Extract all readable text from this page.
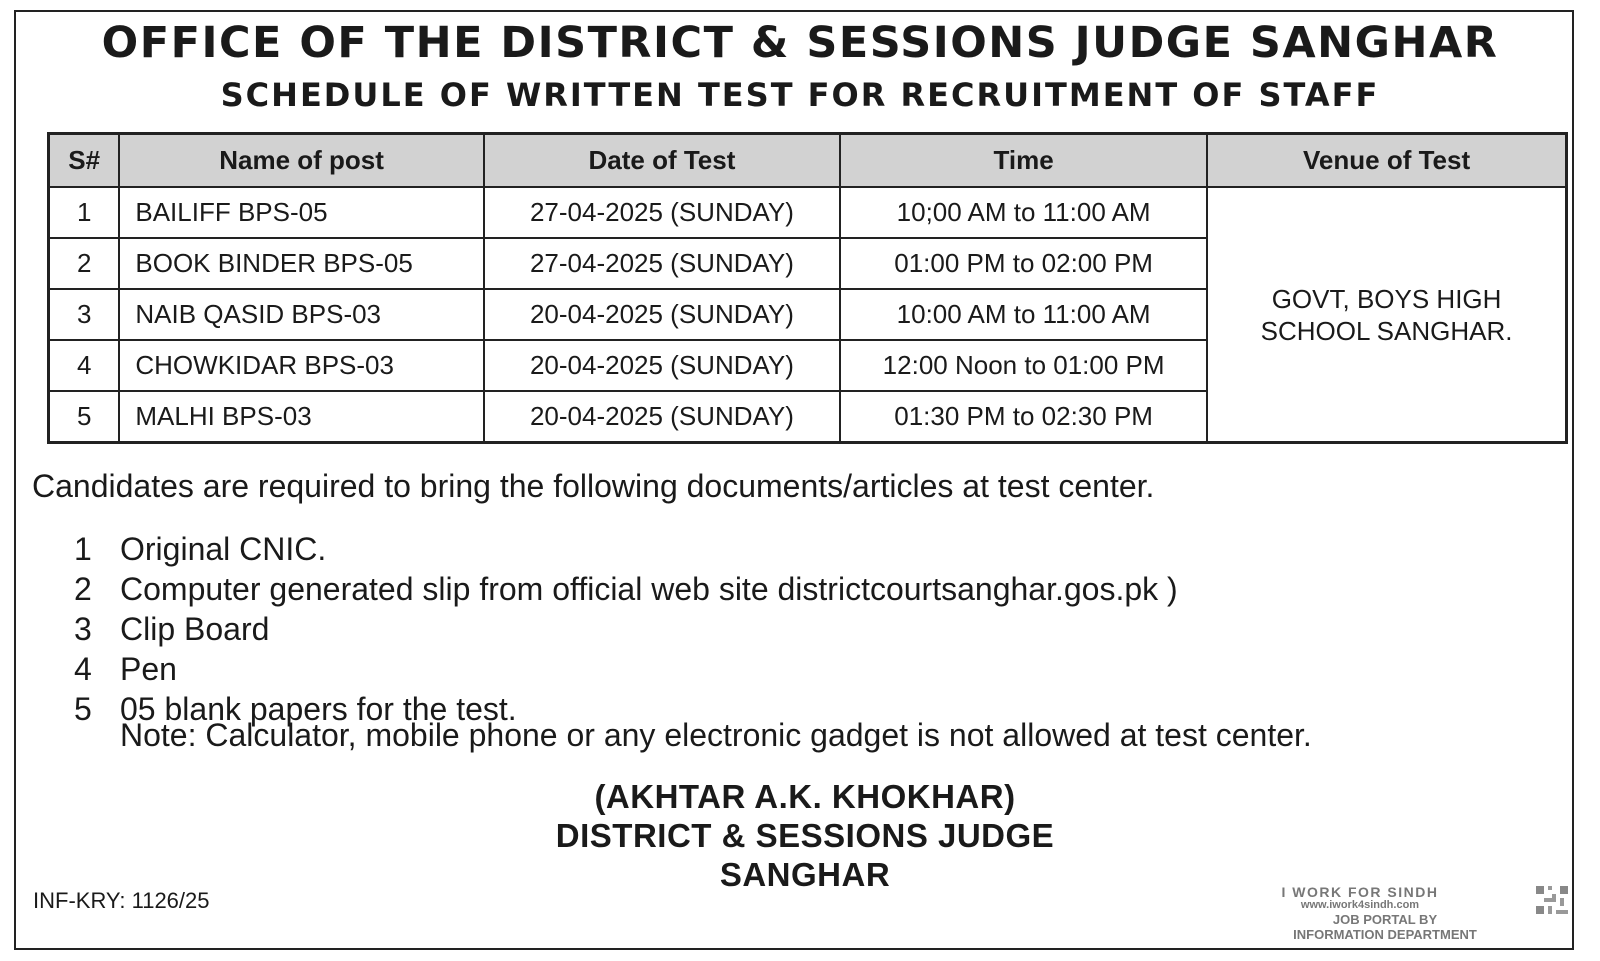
OFFICE OF THE DISTRICT & SESSIONS JUDGE SANGHAR
SCHEDULE OF WRITTEN TEST FOR RECRUITMENT OF STAFF
S#	Name of post	Date of Test	Time	Venue of Test
1	BAILIFF BPS-05	27-04-2025 (SUNDAY)	10;00 AM to 11:00 AM	GOVT, BOYS HIGH
SCHOOL SANGHAR.

2	BOOK BINDER BPS-05	27-04-2025 (SUNDAY)	01:00 PM to 02:00 PM	
3	NAIB QASID BPS-03	20-04-2025 (SUNDAY)	10:00 AM to 11:00 AM	
4	CHOWKIDAR BPS-03	20-04-2025 (SUNDAY)	12:00 Noon to 01:00 PM	
5	MALHI BPS-03	20-04-2025 (SUNDAY)	01:30 PM to 02:30 PM	
Candidates are required to bring the following documents/articles at test center.
1 Original CNIC.
2 Computer generated slip from official web site districtcourtsanghar.gos.pk )
3 Clip Board
4 Pen
5 05 blank papers for the test.
Note: Calculator, mobile phone or any electronic gadget is not allowed at test center.
(AKHTAR A.K. KHOKHAR)
DISTRICT & SESSIONS JUDGE
SANGHAR
INF-KRY: 1126/25	I WORK FOR SINDH
www.iwork4sindh.com
JOB PORTAL BY
INFORMATION DEPARTMENT
